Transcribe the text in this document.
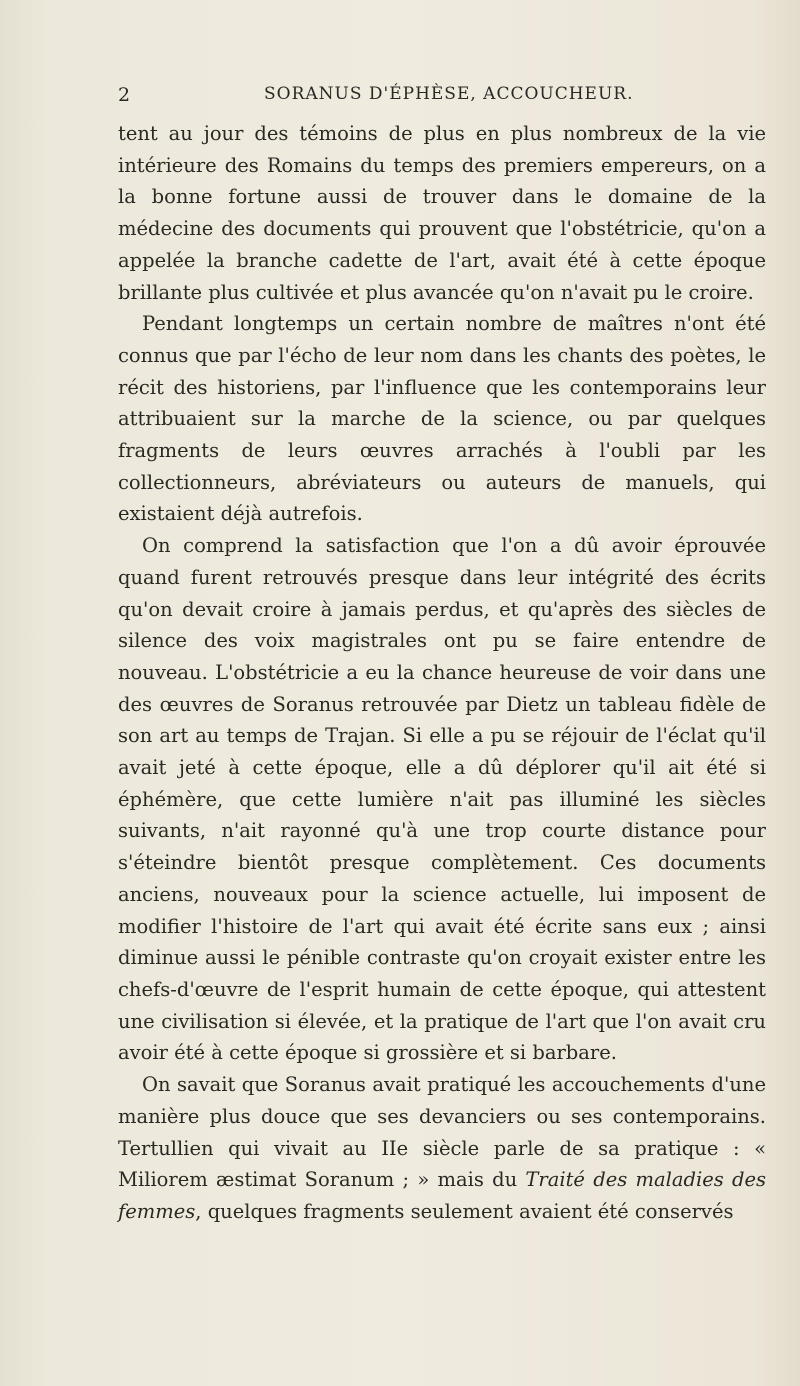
2	SORANUS D'ÉPHÈSE, ACCOUCHEUR.

tent au jour des témoins de plus en plus nombreux de la vie intérieure des Romains du temps des premiers empereurs, on a la bonne fortune aussi de trouver dans le domaine de la médecine des documents qui prouvent que l'obstétricie, qu'on a appelée la branche cadette de l'art, avait été à cette époque brillante plus cultivée et plus avancée qu'on n'avait pu le croire.

Pendant longtemps un certain nombre de maîtres n'ont été connus que par l'écho de leur nom dans les chants des poètes, le récit des historiens, par l'influence que les contemporains leur attribuaient sur la marche de la science, ou par quelques fragments de leurs œuvres arrachés à l'oubli par les collectionneurs, abréviateurs ou auteurs de manuels, qui existaient déjà autrefois.

On comprend la satisfaction que l'on a dû avoir éprouvée quand furent retrouvés presque dans leur intégrité des écrits qu'on devait croire à jamais perdus, et qu'après des siècles de silence des voix magistrales ont pu se faire entendre de nouveau. L'obstétricie a eu la chance heureuse de voir dans une des œuvres de Soranus retrouvée par Dietz un tableau fidèle de son art au temps de Trajan. Si elle a pu se réjouir de l'éclat qu'il avait jeté à cette époque, elle a dû déplorer qu'il ait été si éphémère, que cette lumière n'ait pas illuminé les siècles suivants, n'ait rayonné qu'à une trop courte distance pour s'éteindre bientôt presque complètement. Ces documents anciens, nouveaux pour la science actuelle, lui imposent de modifier l'histoire de l'art qui avait été écrite sans eux ; ainsi diminue aussi le pénible contraste qu'on croyait exister entre les chefs-d'œuvre de l'esprit humain de cette époque, qui attestent une civilisation si élevée, et la pratique de l'art que l'on avait cru avoir été à cette époque si grossière et si barbare.

On savait que Soranus avait pratiqué les accouchements d'une manière plus douce que ses devanciers ou ses contemporains. Tertullien qui vivait au IIe siècle parle de sa pratique : « Miliorem æstimat Soranum ; » mais du Traité des maladies des femmes, quelques fragments seulement avaient été conservés
